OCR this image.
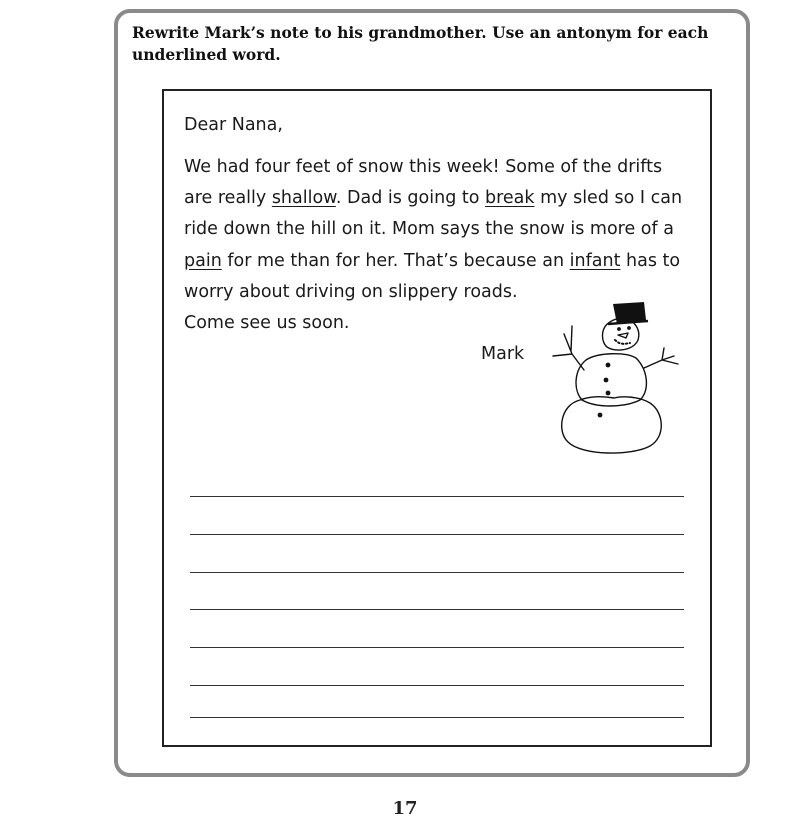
Rewrite Mark’s note to his grandmother. Use an antonym for each underlined word.
Dear Nana,
We had four feet of snow this week! Some of the drifts
are really shallow. Dad is going to break my sled so I can
ride down the hill on it. Mom says the snow is more of a
pain for me than for her. That’s because an infant has to
worry about driving on slippery roads.
Come see us soon.
Mark
17
